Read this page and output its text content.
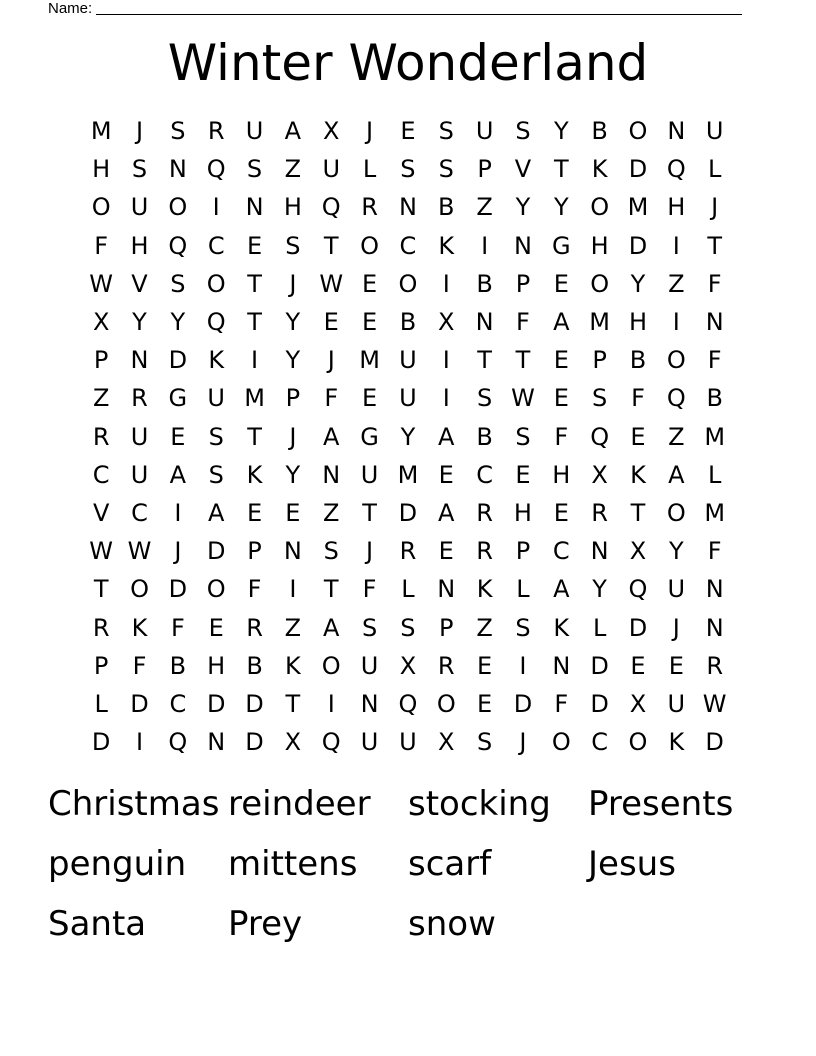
Name:
Winter Wonderland
M	J	S R U A X	J	E S U S Y B O N U
H S N Q S Z U L	S S P V T K D Q L
O U O	I	N H Q R N B Z Y Y O M H	J
F H Q C E S T O C K	I	N G H D	I	T
W V S O T	J W E O	I	B P E O Y Z F
X Y Y Q T Y E E B X N F A M H	I	N
P N D K	I	Y	J	M U	I	T T E P B O F
Z R G U M P	F E U	I	S W E S F Q B
R U E S T	J	A G Y A B S F Q E Z M
C U A S K Y N U M E C E H X K A L
V C	I	A E E Z T D A R H E R T O M
W W J	D P N S	J	R E R P C N X Y	F
T O D O F	I	T	F	L N K L A Y Q U N
R K F E R Z A S S P Z S K L D	J	N
P	F B H B K O U X R E	I	N D E E R
L D C D D T	I	N Q O E D F D X U W
D	I	Q N D X Q U U X S	J	O C O K D
Christmas reindeer	stocking	Presents
penguin	mittens	scarf	Jesus
Santa	Prey	snow
